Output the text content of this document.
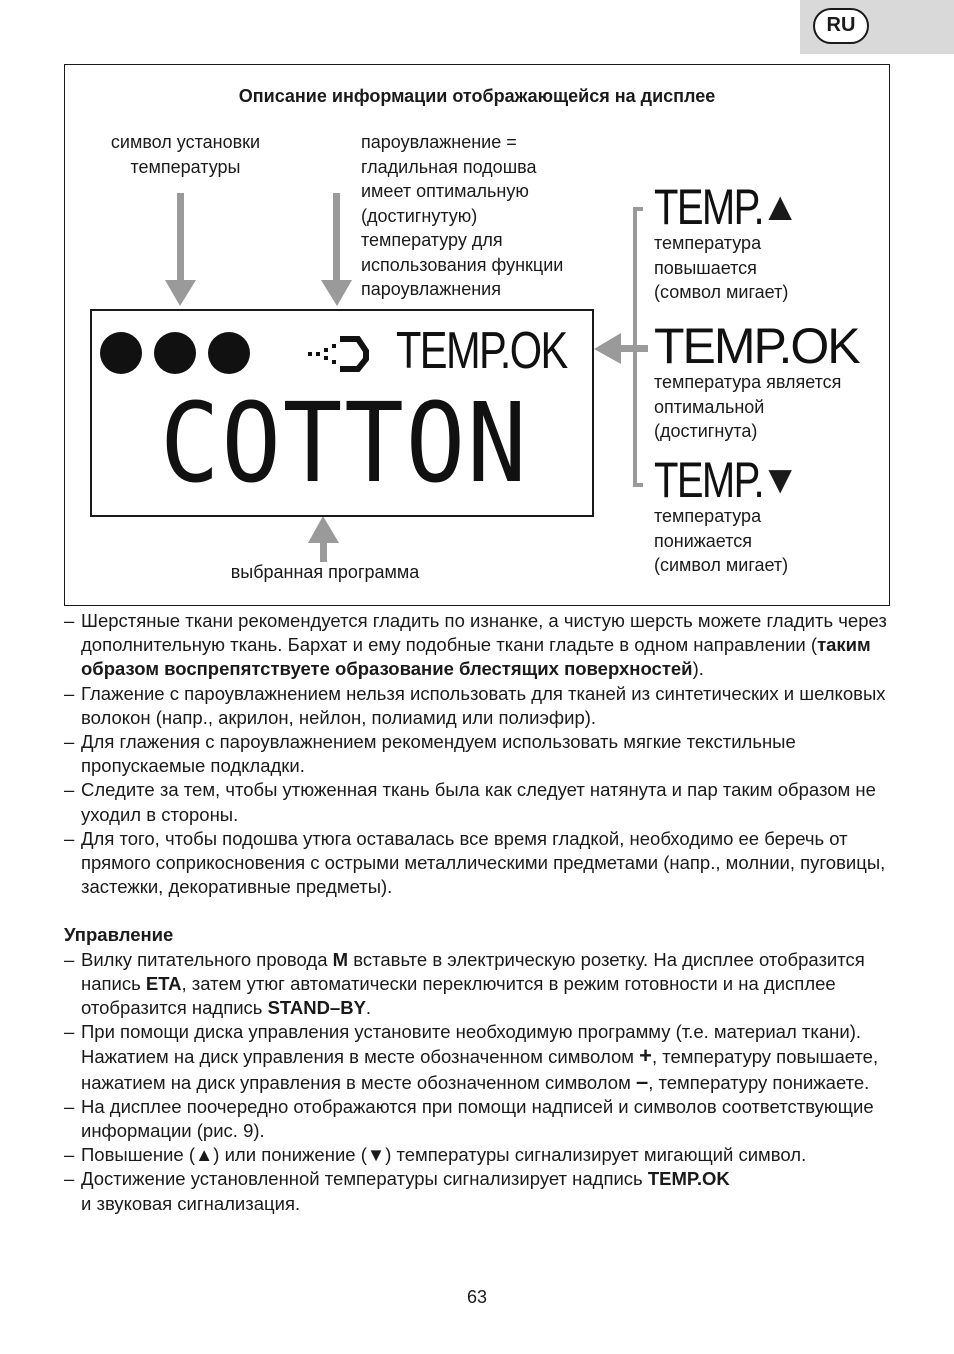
RU
Описание информации отображающейся на дисплее
символ установки
температуры
пароувлажнение =
гладильная подошва
имеет оптимальную
(достигнутую)
температуру для
использования функции
пароувлажнения
TEMP.OK
COTTON
выбранная программа
TEMP.
▲
температура
повышается
(сомвол мигает)
TEMP.OK
температура является
оптимальной
(достигнута)
TEMP.
▼
температура
понижается
(символ мигает)
– Шерстяные ткани рекомендуется гладить по изнанке, а чистую шерсть можете гладить через дополнительную ткань. Бархат и ему подобные ткани гладьте в одном направлении (таким образом воспрепятствуете образование блестящих поверхностей).
– Глажение с пароувлажнением нельзя использовать для тканей из синтетических и шелковых волокон (напр., акрилон, нейлон, полиамид или полиэфир).
– Для глажения с пароувлажнением рекомендуем использовать мягкие текстильные пропускаемые подкладки.
– Следите за тем, чтобы утюженная ткань была как следует натянута и пар таким образом не уходил в стороны.
– Для того, чтобы подошва утюга оставалась все время гладкой, необходимо ее беречь от прямого соприкосновения с острыми металлическими предметами (напр., молнии, пуговицы, застежки, декоративные предметы).
Управление
– Вилку питательного провода M вставьте в электрическую розетку. На дисплее отобразится напись ETA, затем утюг автоматически переключится в режим готовности и на дисплее отобразится надпись STAND–BY.
– При помощи диска управления установите необходимую программу (т.е. материал ткани).
Нажатием на диск управления в месте обозначенном символом +, температуру повышаете, нажатием на диск управления в месте обозначенном символом –, температуру понижаете.
– На дисплее поочередно отображаются при помощи надписей и символов соответствующие информации (рис. 9).
– Повышение (▲) или понижение (▼) температуры сигнализирует мигающий символ.
– Достижение установленной температуры сигнализирует надпись TEMP.OK
и звуковая сигнализация.
63
